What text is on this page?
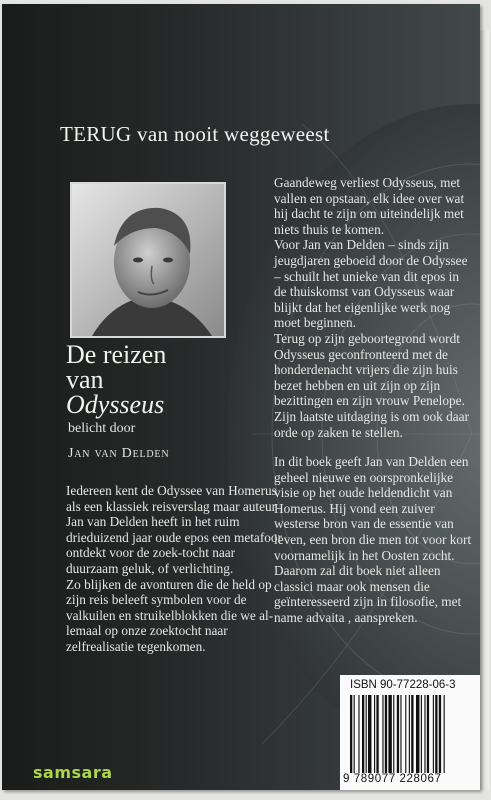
TERUG van nooit weggeweest
De reizen
van
Odysseus
belicht door
Jan van Delden

Iedereen kent de Odyssee van Homerus als een klassiek reisverslag maar auteur Jan van Delden heeft in het ruim drieduizend jaar oude epos een metafoor ontdekt voor de zoek-tocht naar duurzaam geluk, of verlichting.

Zo blijken de avonturen die de held op zijn reis beleeft symbolen voor de valkuilen en struikelblokken die we al-lemaal op onze zoektocht naar zelfrealisatie tegenkomen.

Gaandeweg verliest Odysseus, met vallen en opstaan, elk idee over wat hij dacht te zijn om uiteindelijk met niets thuis te komen.

Voor Jan van Delden – sinds zijn jeugdjaren geboeid door de Odyssee – schuilt het unieke van dit epos in de thuiskomst van Odysseus waar blijkt dat het eigenlijke werk nog moet beginnen.

Terug op zijn geboortegrond wordt Odysseus geconfronteerd met de honderdenacht vrijers die zijn huis bezet hebben en uit zijn op zijn bezittingen en zijn vrouw Penelope.

Zijn laatste uitdaging is om ook daar orde op zaken te stellen.

In dit boek geeft Jan van Delden een geheel nieuwe en oorspronkelijke visie op het oude heldendicht van Homerus. Hij vond een zuiver westerse bron van de essentie van leven, een bron die men tot voor kort voornamelijk in het Oosten zocht.

Daarom zal dit boek niet alleen classici maar ook mensen die geïnteresseerd zijn in filosofie, met name advaita , aanspreken.

ISBN 90-77228-06-3
9 789077 228067
samsara
